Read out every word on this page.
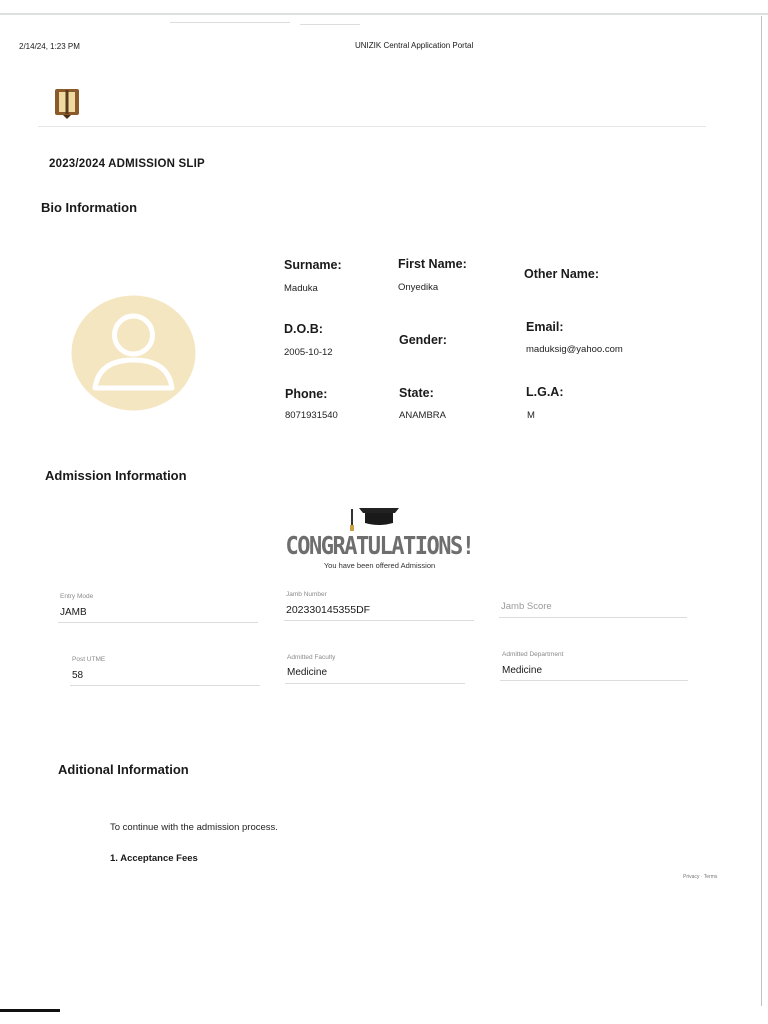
2/14/24, 1:23 PM	UNIZIK Central Application Portal
2023/2024 ADMISSION SLIP
Bio Information
Surname:
Maduka
First Name:
Onyedika
Other Name:
D.O.B:
2005-10-12
Gender:
Email:
maduksig@yahoo.com
Phone:
8071931540
State:
ANAMBRA
L.G.A:
M
Admission Information
CONGRATULATIONS!
You have been offered Admission
Entry Mode
JAMB
Jamb Number
202330145355DF	Jamb Score
Post UTME
58
Admitted Faculty
Medicine
Admitted Department
Medicine
Aditional Information
To continue with the admission process.
1. Acceptance Fees
Privacy · Terms
